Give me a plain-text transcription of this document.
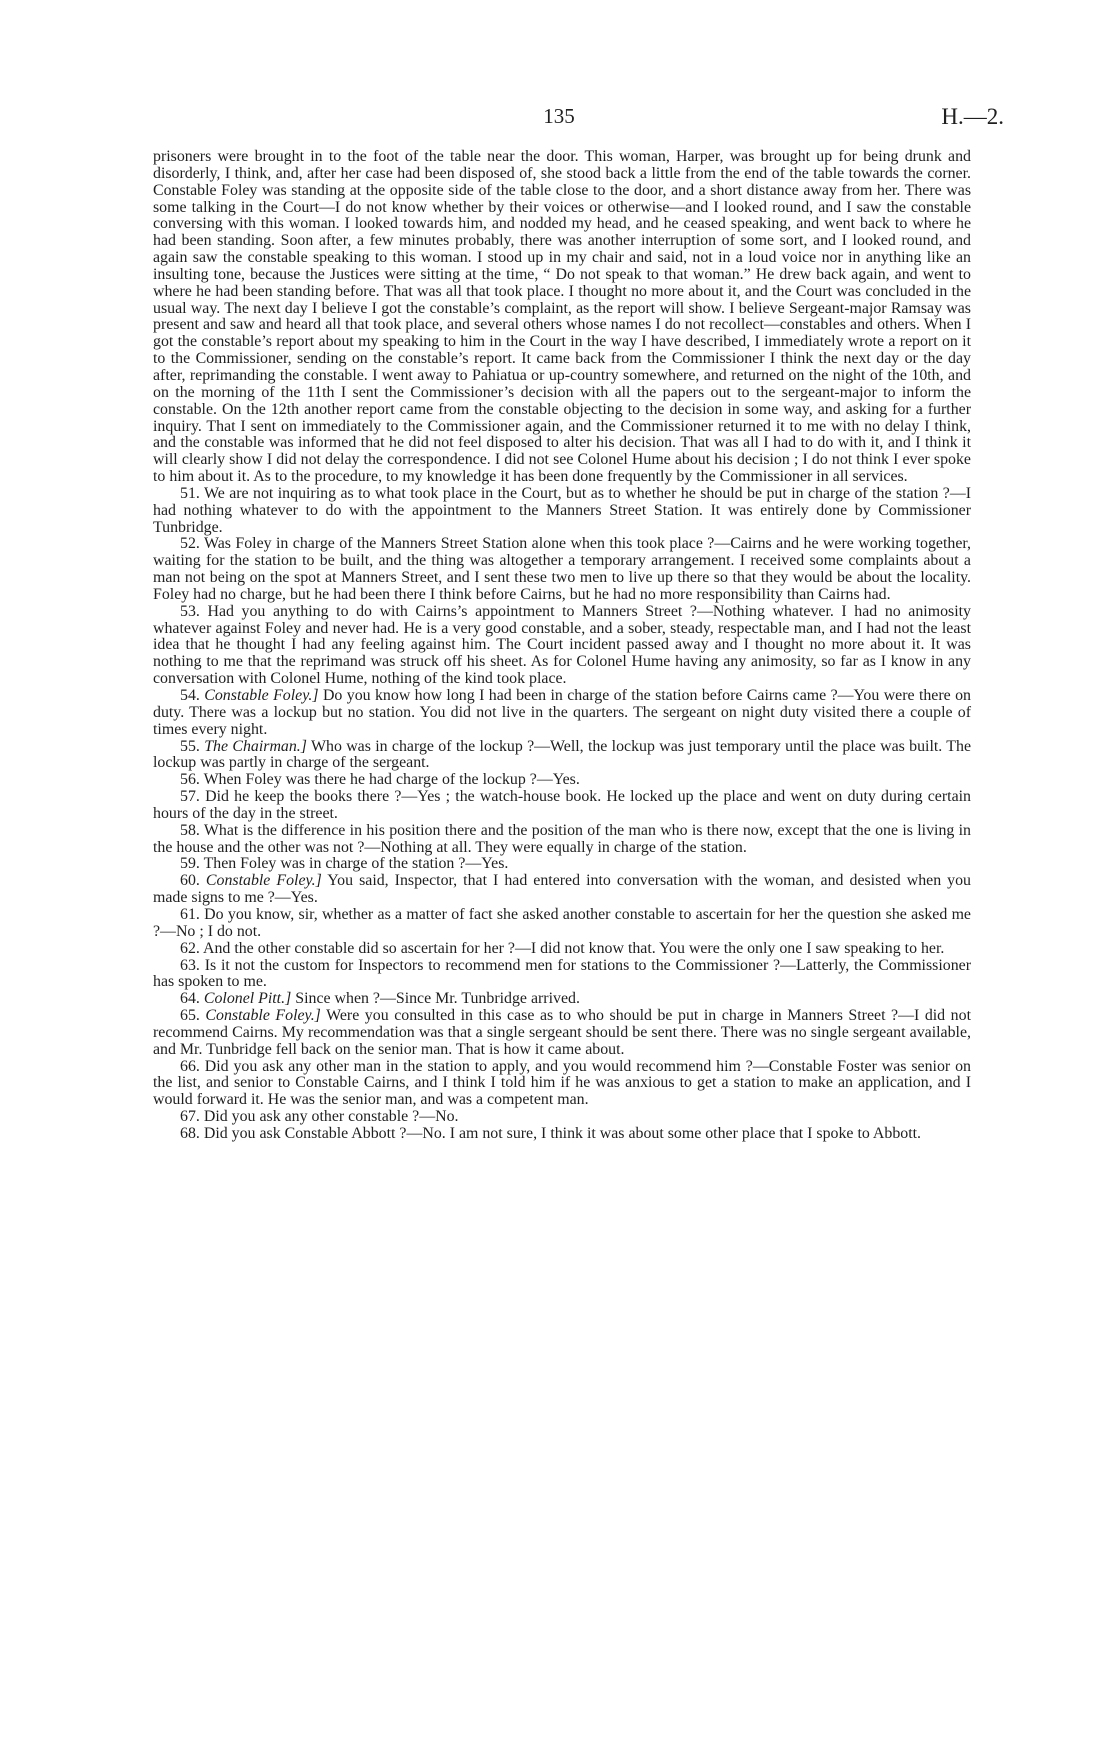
135	H.—2.

prisoners were brought in to the foot of the table near the door. This woman, Harper, was brought up for being drunk and disorderly, I think, and, after her case had been disposed of, she stood back a little from the end of the table towards the corner. Constable Foley was standing at the opposite side of the table close to the door, and a short distance away from her. There was some talking in the Court—I do not know whether by their voices or otherwise—and I looked round, and I saw the constable conversing with this woman. I looked towards him, and nodded my head, and he ceased speaking, and went back to where he had been standing. Soon after, a few minutes probably, there was another interruption of some sort, and I looked round, and again saw the constable speaking to this woman. I stood up in my chair and said, not in a loud voice nor in anything like an insulting tone, because the Justices were sitting at the time, “ Do not speak to that woman.” He drew back again, and went to where he had been standing before. That was all that took place. I thought no more about it, and the Court was concluded in the usual way. The next day I believe I got the constable’s complaint, as the report will show. I believe Sergeant-major Ramsay was present and saw and heard all that took place, and several others whose names I do not recollect—constables and others. When I got the constable’s report about my speaking to him in the Court in the way I have described, I immediately wrote a report on it to the Commissioner, sending on the constable’s report. It came back from the Commissioner I think the next day or the day after, reprimanding the constable. I went away to Pahiatua or up-country somewhere, and returned on the night of the 10th, and on the morning of the 11th I sent the Commissioner’s decision with all the papers out to the sergeant-major to inform the constable. On the 12th another report came from the constable objecting to the decision in some way, and asking for a further inquiry. That I sent on immediately to the Commissioner again, and the Commissioner returned it to me with no delay I think, and the constable was informed that he did not feel disposed to alter his decision. That was all I had to do with it, and I think it will clearly show I did not delay the correspondence. I did not see Colonel Hume about his decision ; I do not think I ever spoke to him about it. As to the procedure, to my knowledge it has been done frequently by the Commissioner in all services.

51. We are not inquiring as to what took place in the Court, but as to whether he should be put in charge of the station ?—I had nothing whatever to do with the appointment to the Manners Street Station. It was entirely done by Commissioner Tunbridge.

52. Was Foley in charge of the Manners Street Station alone when this took place ?—Cairns and he were working together, waiting for the station to be built, and the thing was altogether a temporary arrangement. I received some complaints about a man not being on the spot at Manners Street, and I sent these two men to live up there so that they would be about the locality. Foley had no charge, but he had been there I think before Cairns, but he had no more responsibility than Cairns had.

53. Had you anything to do with Cairns’s appointment to Manners Street ?—Nothing whatever. I had no animosity whatever against Foley and never had. He is a very good constable, and a sober, steady, respectable man, and I had not the least idea that he thought I had any feeling against him. The Court incident passed away and I thought no more about it. It was nothing to me that the reprimand was struck off his sheet. As for Colonel Hume having any animosity, so far as I know in any conversation with Colonel Hume, nothing of the kind took place.

54. Constable Foley.] Do you know how long I had been in charge of the station before Cairns came ?—You were there on duty. There was a lockup but no station. You did not live in the quarters. The sergeant on night duty visited there a couple of times every night.

55. The Chairman.] Who was in charge of the lockup ?—Well, the lockup was just temporary until the place was built. The lockup was partly in charge of the sergeant.

56. When Foley was there he had charge of the lockup ?—Yes.

57. Did he keep the books there ?—Yes ; the watch-house book. He locked up the place and went on duty during certain hours of the day in the street.

58. What is the difference in his position there and the position of the man who is there now, except that the one is living in the house and the other was not ?—Nothing at all. They were equally in charge of the station.

59. Then Foley was in charge of the station ?—Yes.

60. Constable Foley.] You said, Inspector, that I had entered into conversation with the woman, and desisted when you made signs to me ?—Yes.

61. Do you know, sir, whether as a matter of fact she asked another constable to ascertain for her the question she asked me ?—No ; I do not.

62. And the other constable did so ascertain for her ?—I did not know that. You were the only one I saw speaking to her.

63. Is it not the custom for Inspectors to recommend men for stations to the Commissioner ?—Latterly, the Commissioner has spoken to me.

64. Colonel Pitt.] Since when ?—Since Mr. Tunbridge arrived.

65. Constable Foley.] Were you consulted in this case as to who should be put in charge in Manners Street ?—I did not recommend Cairns. My recommendation was that a single sergeant should be sent there. There was no single sergeant available, and Mr. Tunbridge fell back on the senior man. That is how it came about.

66. Did you ask any other man in the station to apply, and you would recommend him ?—Constable Foster was senior on the list, and senior to Constable Cairns, and I think I told him if he was anxious to get a station to make an application, and I would forward it. He was the senior man, and was a competent man.

67. Did you ask any other constable ?—No.

68. Did you ask Constable Abbott ?—No. I am not sure, I think it was about some other place that I spoke to Abbott.
